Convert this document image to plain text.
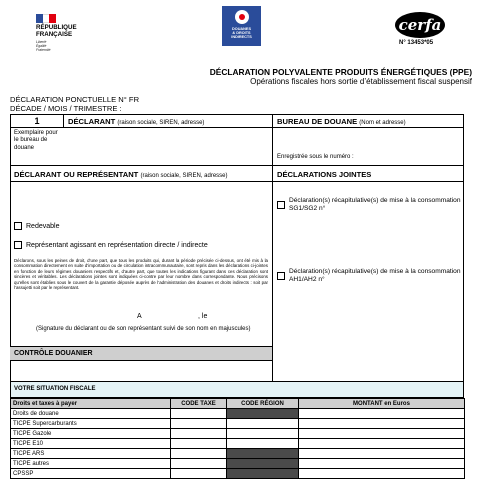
RÉPUBLIQUE
FRANÇAISE
Liberté
Égalité
Fraternité
DOUANES
& DROITS
INDIRECTS
cerfa
N° 13453*05
DÉCLARATION POLYVALENTE PRODUITS ÉNERGÉTIQUES (PPE)
Opérations fiscales hors sortie d’établissement fiscal suspensif
DÉCLARATION PONCTUELLE N° FR
DÉCADE / MOIS / TRIMESTRE :
1	DÉCLARANT (raison sociale, SIREN, adresse)	BUREAU DE DOUANE (Nom et adresse)
Exemplaire pour le bureau de douane
Enregistrée sous le numéro :
DÉCLARANT OU REPRÉSENTANT (raison sociale, SIREN, adresse)	DÉCLARATIONS JOINTES
Redevable
Représentant agissant en représentation directe / indirecte
Déclarons, sous les peines de droit, d’une part, que tous les produits qui, durant la période précisée ci-dessus, ont été mis à la consommation directement en suite d’importation ou de circulation intracommunautaire, sont repris dans les déclarations ci-jointes en fonction de leurs régimes douaniers respectifs et, d’autre part, que toutes les indications figurant dans ces déclaration sont sincères et véritables. Les déclarations jointes sont indiquées ci-contre par leur nombre dans correspondante. Nous précisons qu’elles sont établies sous le couvert de la garantie déposée auprès de l’administration des douanes et droits indirects : soit par l’assujetti soit par le représentant.
A	, le
(Signature du déclarant ou de son représentant suivi de son nom en majuscules)
CONTRÔLE DOUANIER
Déclaration(s) récapitulative(s) de mise à la consommation SG1/SG2 n°
Déclaration(s) récapitulative(s) de mise à la consommation AH1/AH2 n°
VOTRE SITUATION FISCALE
Droits et taxes à payer	CODE TAXE	CODE RÉGION	MONTANT en Euros
Droits de douane			
TICPE Supercarburants			
TICPE Gazole			
TICPE E10			
TICPE ARS			
TICPE autres			
CPSSP			
